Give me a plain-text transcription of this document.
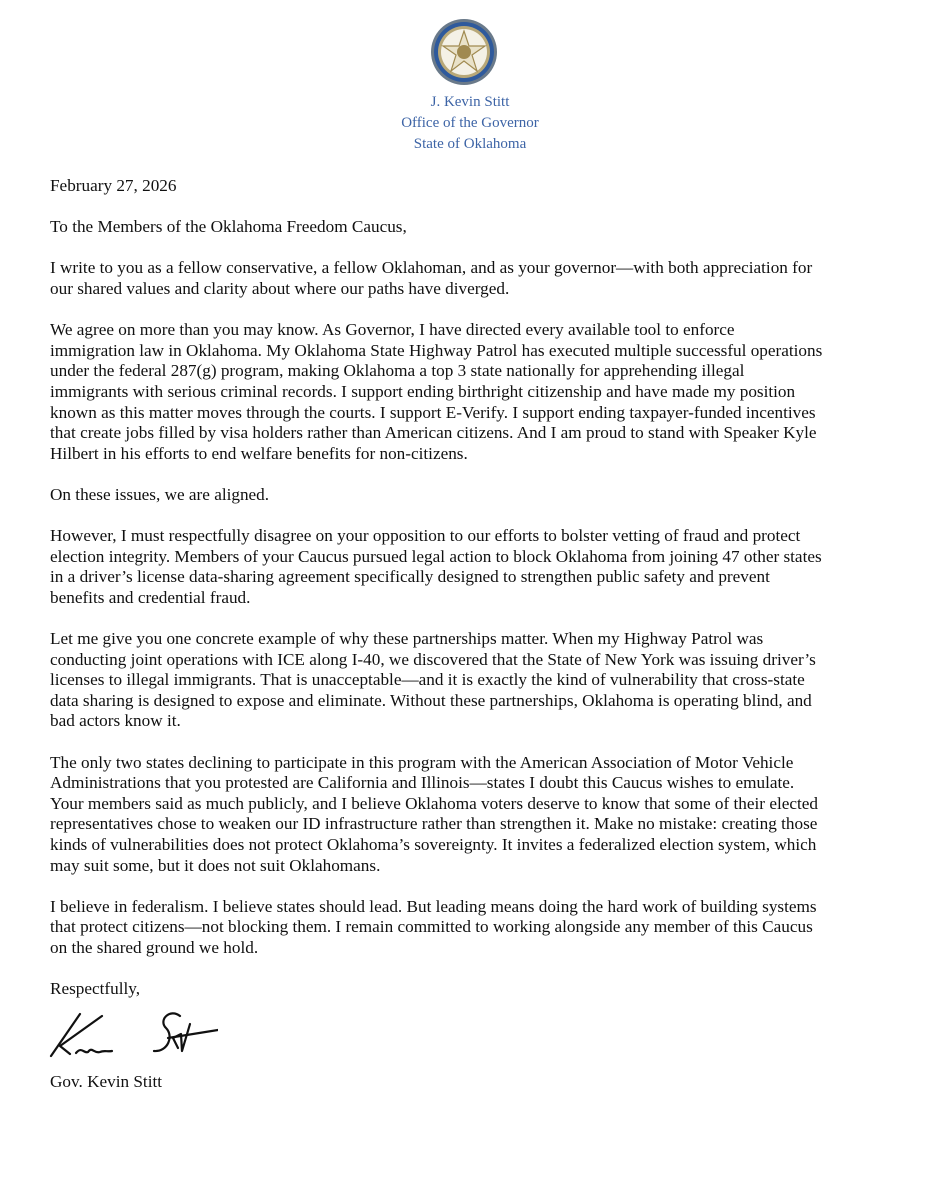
J. Kevin Stitt
Office of the Governor
State of Oklahoma
February 27, 2026
To the Members of the Oklahoma Freedom Caucus,
I write to you as a fellow conservative, a fellow Oklahoman, and as your governor—with both appreciation for
our shared values and clarity about where our paths have diverged.
We agree on more than you may know. As Governor, I have directed every available tool to enforce
immigration law in Oklahoma. My Oklahoma State Highway Patrol has executed multiple successful operations
under the federal 287(g) program, making Oklahoma a top 3 state nationally for apprehending illegal
immigrants with serious criminal records. I support ending birthright citizenship and have made my position
known as this matter moves through the courts. I support E-Verify. I support ending taxpayer-funded incentives
that create jobs filled by visa holders rather than American citizens. And I am proud to stand with Speaker Kyle
Hilbert in his efforts to end welfare benefits for non-citizens.
On these issues, we are aligned.
However, I must respectfully disagree on your opposition to our efforts to bolster vetting of fraud and protect
election integrity. Members of your Caucus pursued legal action to block Oklahoma from joining 47 other states
in a driver’s license data-sharing agreement specifically designed to strengthen public safety and prevent
benefits and credential fraud.
Let me give you one concrete example of why these partnerships matter. When my Highway Patrol was
conducting joint operations with ICE along I-40, we discovered that the State of New York was issuing driver’s
licenses to illegal immigrants. That is unacceptable—and it is exactly the kind of vulnerability that cross-state
data sharing is designed to expose and eliminate. Without these partnerships, Oklahoma is operating blind, and
bad actors know it.
The only two states declining to participate in this program with the American Association of Motor Vehicle
Administrations that you protested are California and Illinois—states I doubt this Caucus wishes to emulate.
Your members said as much publicly, and I believe Oklahoma voters deserve to know that some of their elected
representatives chose to weaken our ID infrastructure rather than strengthen it. Make no mistake: creating those
kinds of vulnerabilities does not protect Oklahoma’s sovereignty. It invites a federalized election system, which
may suit some, but it does not suit Oklahomans.
I believe in federalism. I believe states should lead. But leading means doing the hard work of building systems
that protect citizens—not blocking them. I remain committed to working alongside any member of this Caucus
on the shared ground we hold.
Respectfully,
Gov. Kevin Stitt
